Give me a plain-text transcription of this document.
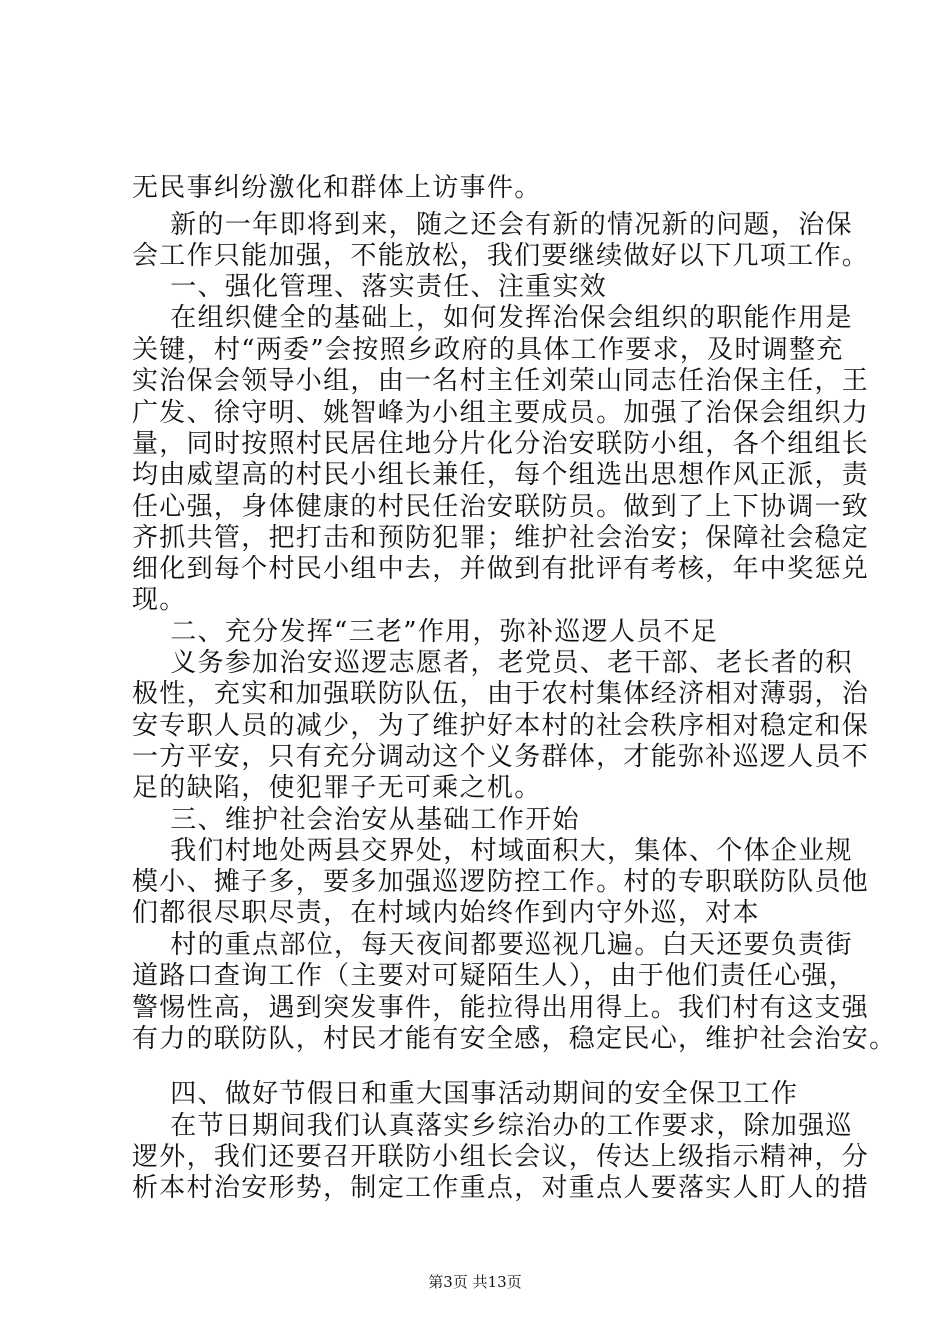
无民事纠纷激化和群体上访事件。
新的一年即将到来，随之还会有新的情况新的问题，治保
会工作只能加强，不能放松，我们要继续做好以下几项工作。
一、强化管理、落实责任、注重实效
在组织健全的基础上，如何发挥治保会组织的职能作用是
关键，村“两委”会按照乡政府的具体工作要求，及时调整充
实治保会领导小组，由一名村主任刘荣山同志任治保主任，王
广发、徐守明、姚智峰为小组主要成员。加强了治保会组织力
量，同时按照村民居住地分片化分治安联防小组，各个组组长
均由威望高的村民小组长兼任，每个组选出思想作风正派，责
任心强，身体健康的村民任治安联防员。做到了上下协调一致
齐抓共管，把打击和预防犯罪；维护社会治安；保障社会稳定
细化到每个村民小组中去，并做到有批评有考核，年中奖惩兑
现。
二、充分发挥“三老”作用，弥补巡逻人员不足
义务参加治安巡逻志愿者，老党员、老干部、老长者的积
极性，充实和加强联防队伍，由于农村集体经济相对薄弱，治
安专职人员的减少，为了维护好本村的社会秩序相对稳定和保
一方平安，只有充分调动这个义务群体，才能弥补巡逻人员不
足的缺陷，使犯罪子无可乘之机。
三、维护社会治安从基础工作开始
我们村地处两县交界处，村域面积大，集体、个体企业规
模小、摊子多，要多加强巡逻防控工作。村的专职联防队员他
们都很尽职尽责，在村域内始终作到内守外巡，对本
村的重点部位，每天夜间都要巡视几遍。白天还要负责街
道路口查询工作（主要对可疑陌生人），由于他们责任心强，
警惕性高，遇到突发事件，能拉得出用得上。我们村有这支强
有力的联防队，村民才能有安全感，稳定民心，维护社会治安。
四、做好节假日和重大国事活动期间的安全保卫工作
在节日期间我们认真落实乡综治办的工作要求，除加强巡
逻外，我们还要召开联防小组长会议，传达上级指示精神，分
析本村治安形势，制定工作重点，对重点人要落实人盯人的措
第3页 共13页
